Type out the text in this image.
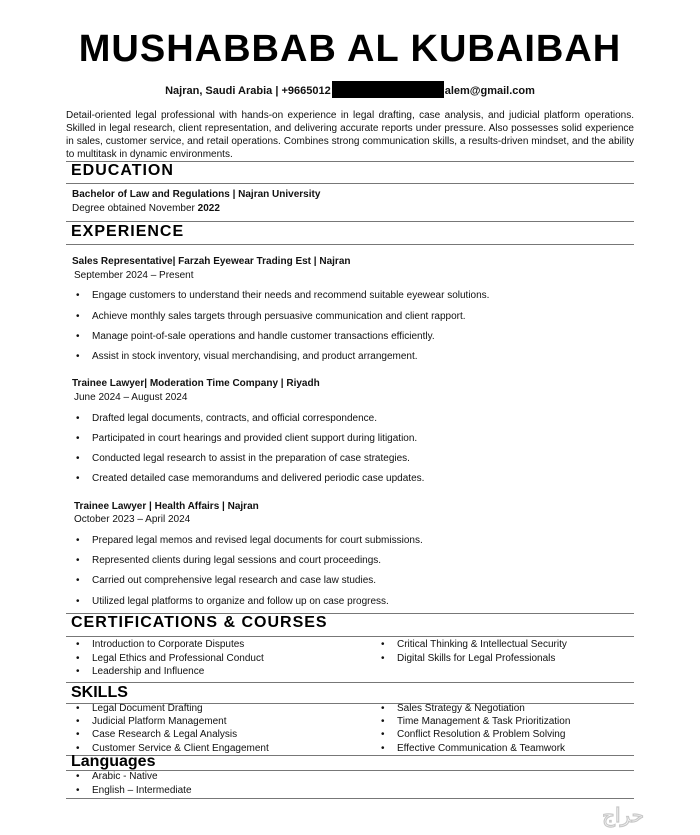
MUSHABBAB AL KUBAIBAH
Najran, Saudi Arabia | +9665012	alem@gmail.com
Detail-oriented legal professional with hands-on experience in legal drafting, case analysis, and judicial platform operations. Skilled in legal research, client representation, and delivering accurate reports under pressure. Also possesses solid experience in sales, customer service, and retail operations. Combines strong communication skills, a results-driven mindset, and the ability to multitask in dynamic environments.
EDUCATION
Bachelor of Law and Regulations | Najran University
Degree obtained November 2022
EXPERIENCE
Sales Representative| Farzah Eyewear Trading Est | Najran
September 2024 – Present
•
Engage customers to understand their needs and recommend suitable eyewear solutions.
•
Achieve monthly sales targets through persuasive communication and client rapport.
•
Manage point-of-sale operations and handle customer transactions efficiently.
•
Assist in stock inventory, visual merchandising, and product arrangement.
Trainee Lawyer| Moderation Time Company | Riyadh
June 2024 – August 2024
•
Drafted legal documents, contracts, and official correspondence.
•
Participated in court hearings and provided client support during litigation.
•
Conducted legal research to assist in the preparation of case strategies.
•
Created detailed case memorandums and delivered periodic case updates.
Trainee Lawyer | Health Affairs | Najran
October 2023 – April 2024
•
Prepared legal memos and revised legal documents for court submissions.
•
Represented clients during legal sessions and court proceedings.
•
Carried out comprehensive legal research and case law studies.
•
Utilized legal platforms to organize and follow up on case progress.
CERTIFICATIONS & COURSES
•
Introduction to Corporate Disputes
•
Legal Ethics and Professional Conduct
•
Leadership and Influence
•
Critical Thinking & Intellectual Security
•
Digital Skills for Legal Professionals
SKILLS
•
Legal Document Drafting
•
Judicial Platform Management
•
Case Research & Legal Analysis
•
Customer Service & Client Engagement
•
Sales Strategy & Negotiation
•
Time Management & Task Prioritization
•
Conflict Resolution & Problem Solving
•
Effective Communication & Teamwork
Languages
•
Arabic - Native
•
English – Intermediate
حراج
